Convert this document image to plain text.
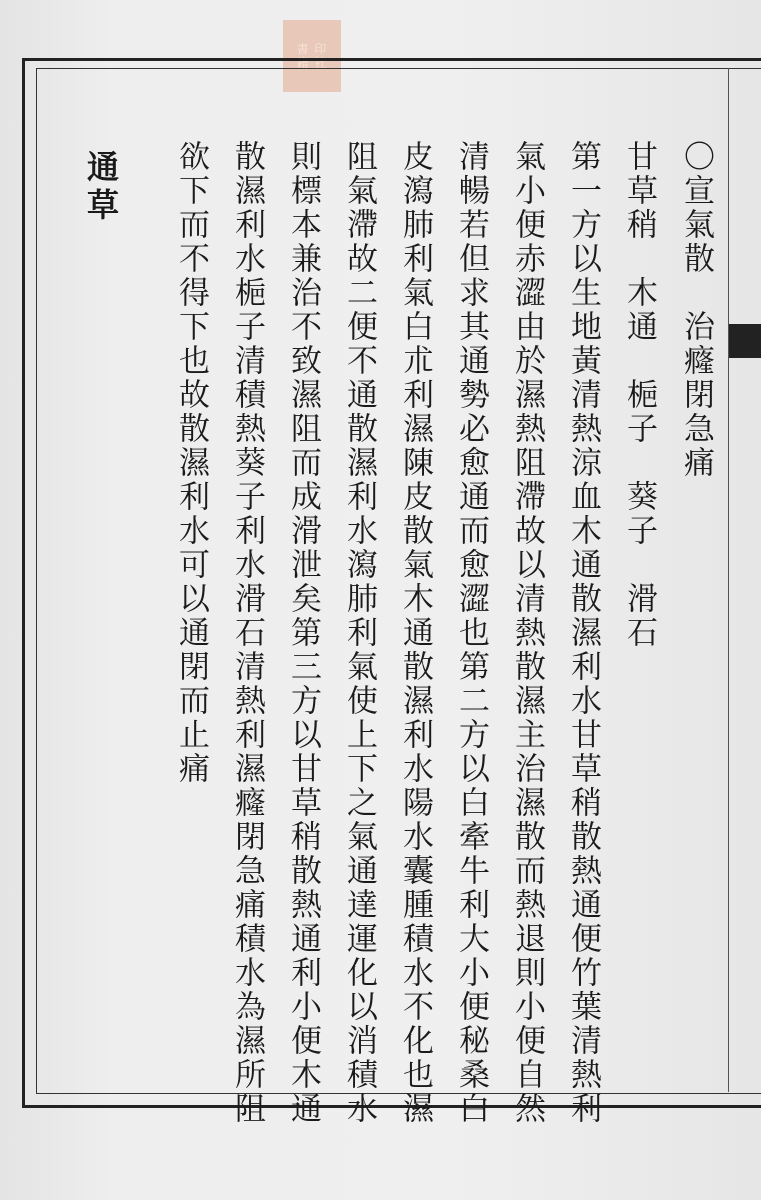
書 印
籍 社
〇宣氣散　治癃閉急痛
甘草稍　木通　梔子　葵子　滑石
第一方以生地黃清熱涼血木通散濕利水甘草稍散熱通便竹葉清熱利
氣小便赤澀由於濕熱阻滯故以清熱散濕主治濕散而熱退則小便自然
清暢若但求其通勢必愈通而愈澀也第二方以白牽牛利大小便秘桑白
皮瀉肺利氣白朮利濕陳皮散氣木通散濕利水陽水囊腫積水不化也濕
阻氣滯故二便不通散濕利水瀉肺利氣使上下之氣通達運化以消積水
則標本兼治不致濕阻而成滑泄矣第三方以甘草稍散熱通利小便木通
散濕利水梔子清積熱葵子利水滑石清熱利濕癃閉急痛積水為濕所阻
欲下而不得下也故散濕利水可以通閉而止痛
通草
